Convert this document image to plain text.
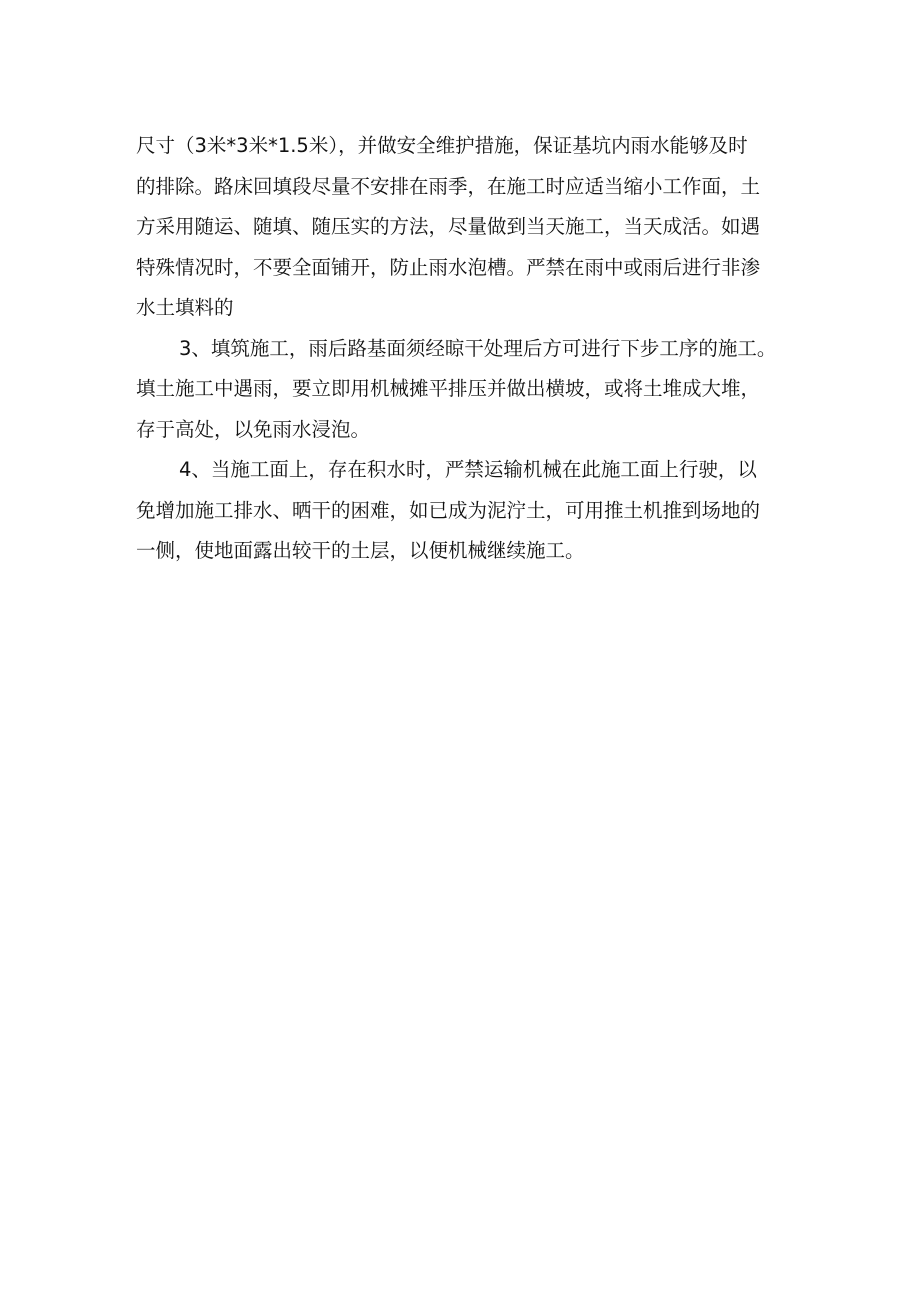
尺寸（3米*3米*1.5米），并做安全维护措施，保证基坑内雨水能够及时
的排除。路床回填段尽量不安排在雨季，在施工时应适当缩小工作面，土
方采用随运、随填、随压实的方法，尽量做到当天施工，当天成活。如遇
特殊情况时，不要全面铺开，防止雨水泡槽。严禁在雨中或雨后进行非渗
水土填料的
3、填筑施工，雨后路基面须经晾干处理后方可进行下步工序的施工。
填土施工中遇雨，要立即用机械摊平排压并做出横坡，或将土堆成大堆，
存于高处，以免雨水浸泡。
4、当施工面上，存在积水时，严禁运输机械在此施工面上行驶，以
免增加施工排水、晒干的困难，如已成为泥泞土，可用推土机推到场地的
一侧，使地面露出较干的土层，以便机械继续施工。
